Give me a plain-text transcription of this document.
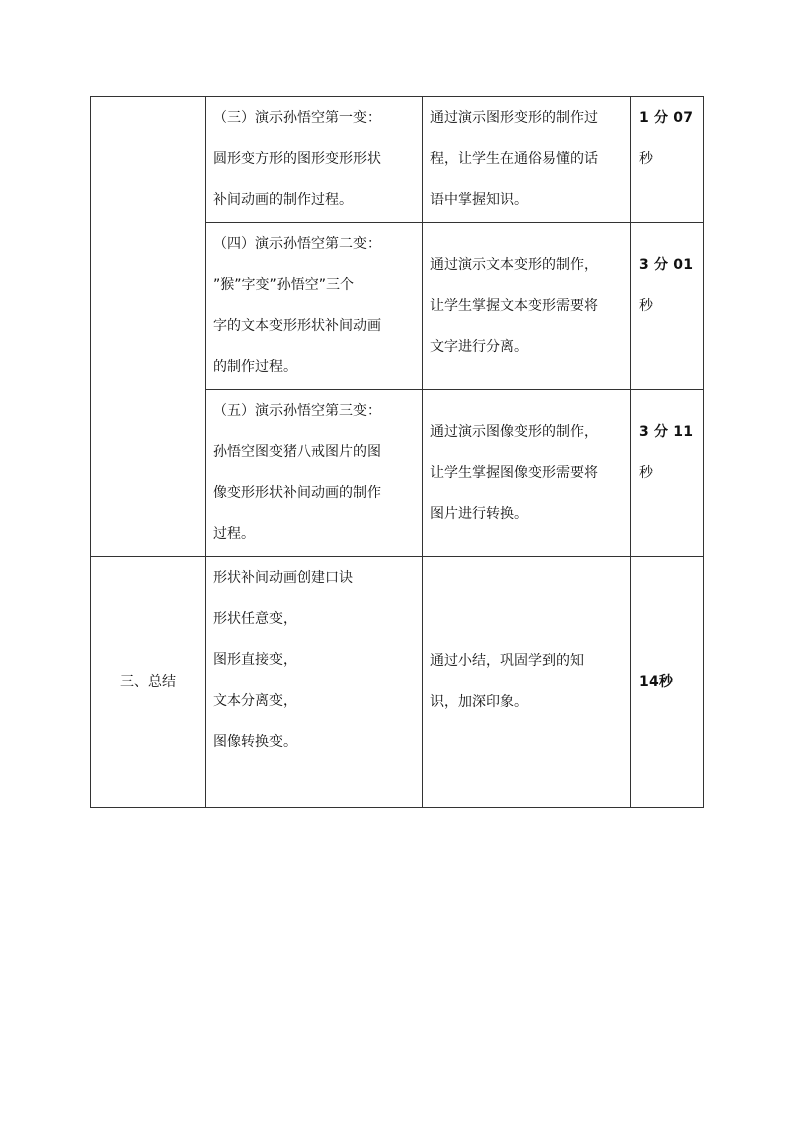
	（三）演示孙悟空第一变：
圆形变方形的图形变形形状
补间动画的制作过程。	通过演示图形变形的制作过
程，让学生在通俗易懂的话
语中掌握知识。	1 分 07
秒

	（四）演示孙悟空第二变：
”猴”字变”孙悟空”三个
字的文本变形形状补间动画
的制作过程。	通过演示文本变形的制作，
让学生掌握文本变形需要将
文字进行分离。	3 分 01
秒

	（五）演示孙悟空第三变：
孙悟空图变猪八戒图片的图
像变形形状补间动画的制作
过程。	通过演示图像变形的制作，
让学生掌握图像变形需要将
图片进行转换。	3 分 11
秒

三、总结	形状补间动画创建口诀
形状任意变，
图形直接变，
文本分离变，
图像转换变。	通过小结，巩固学到的知
识，加深印象。	14秒
